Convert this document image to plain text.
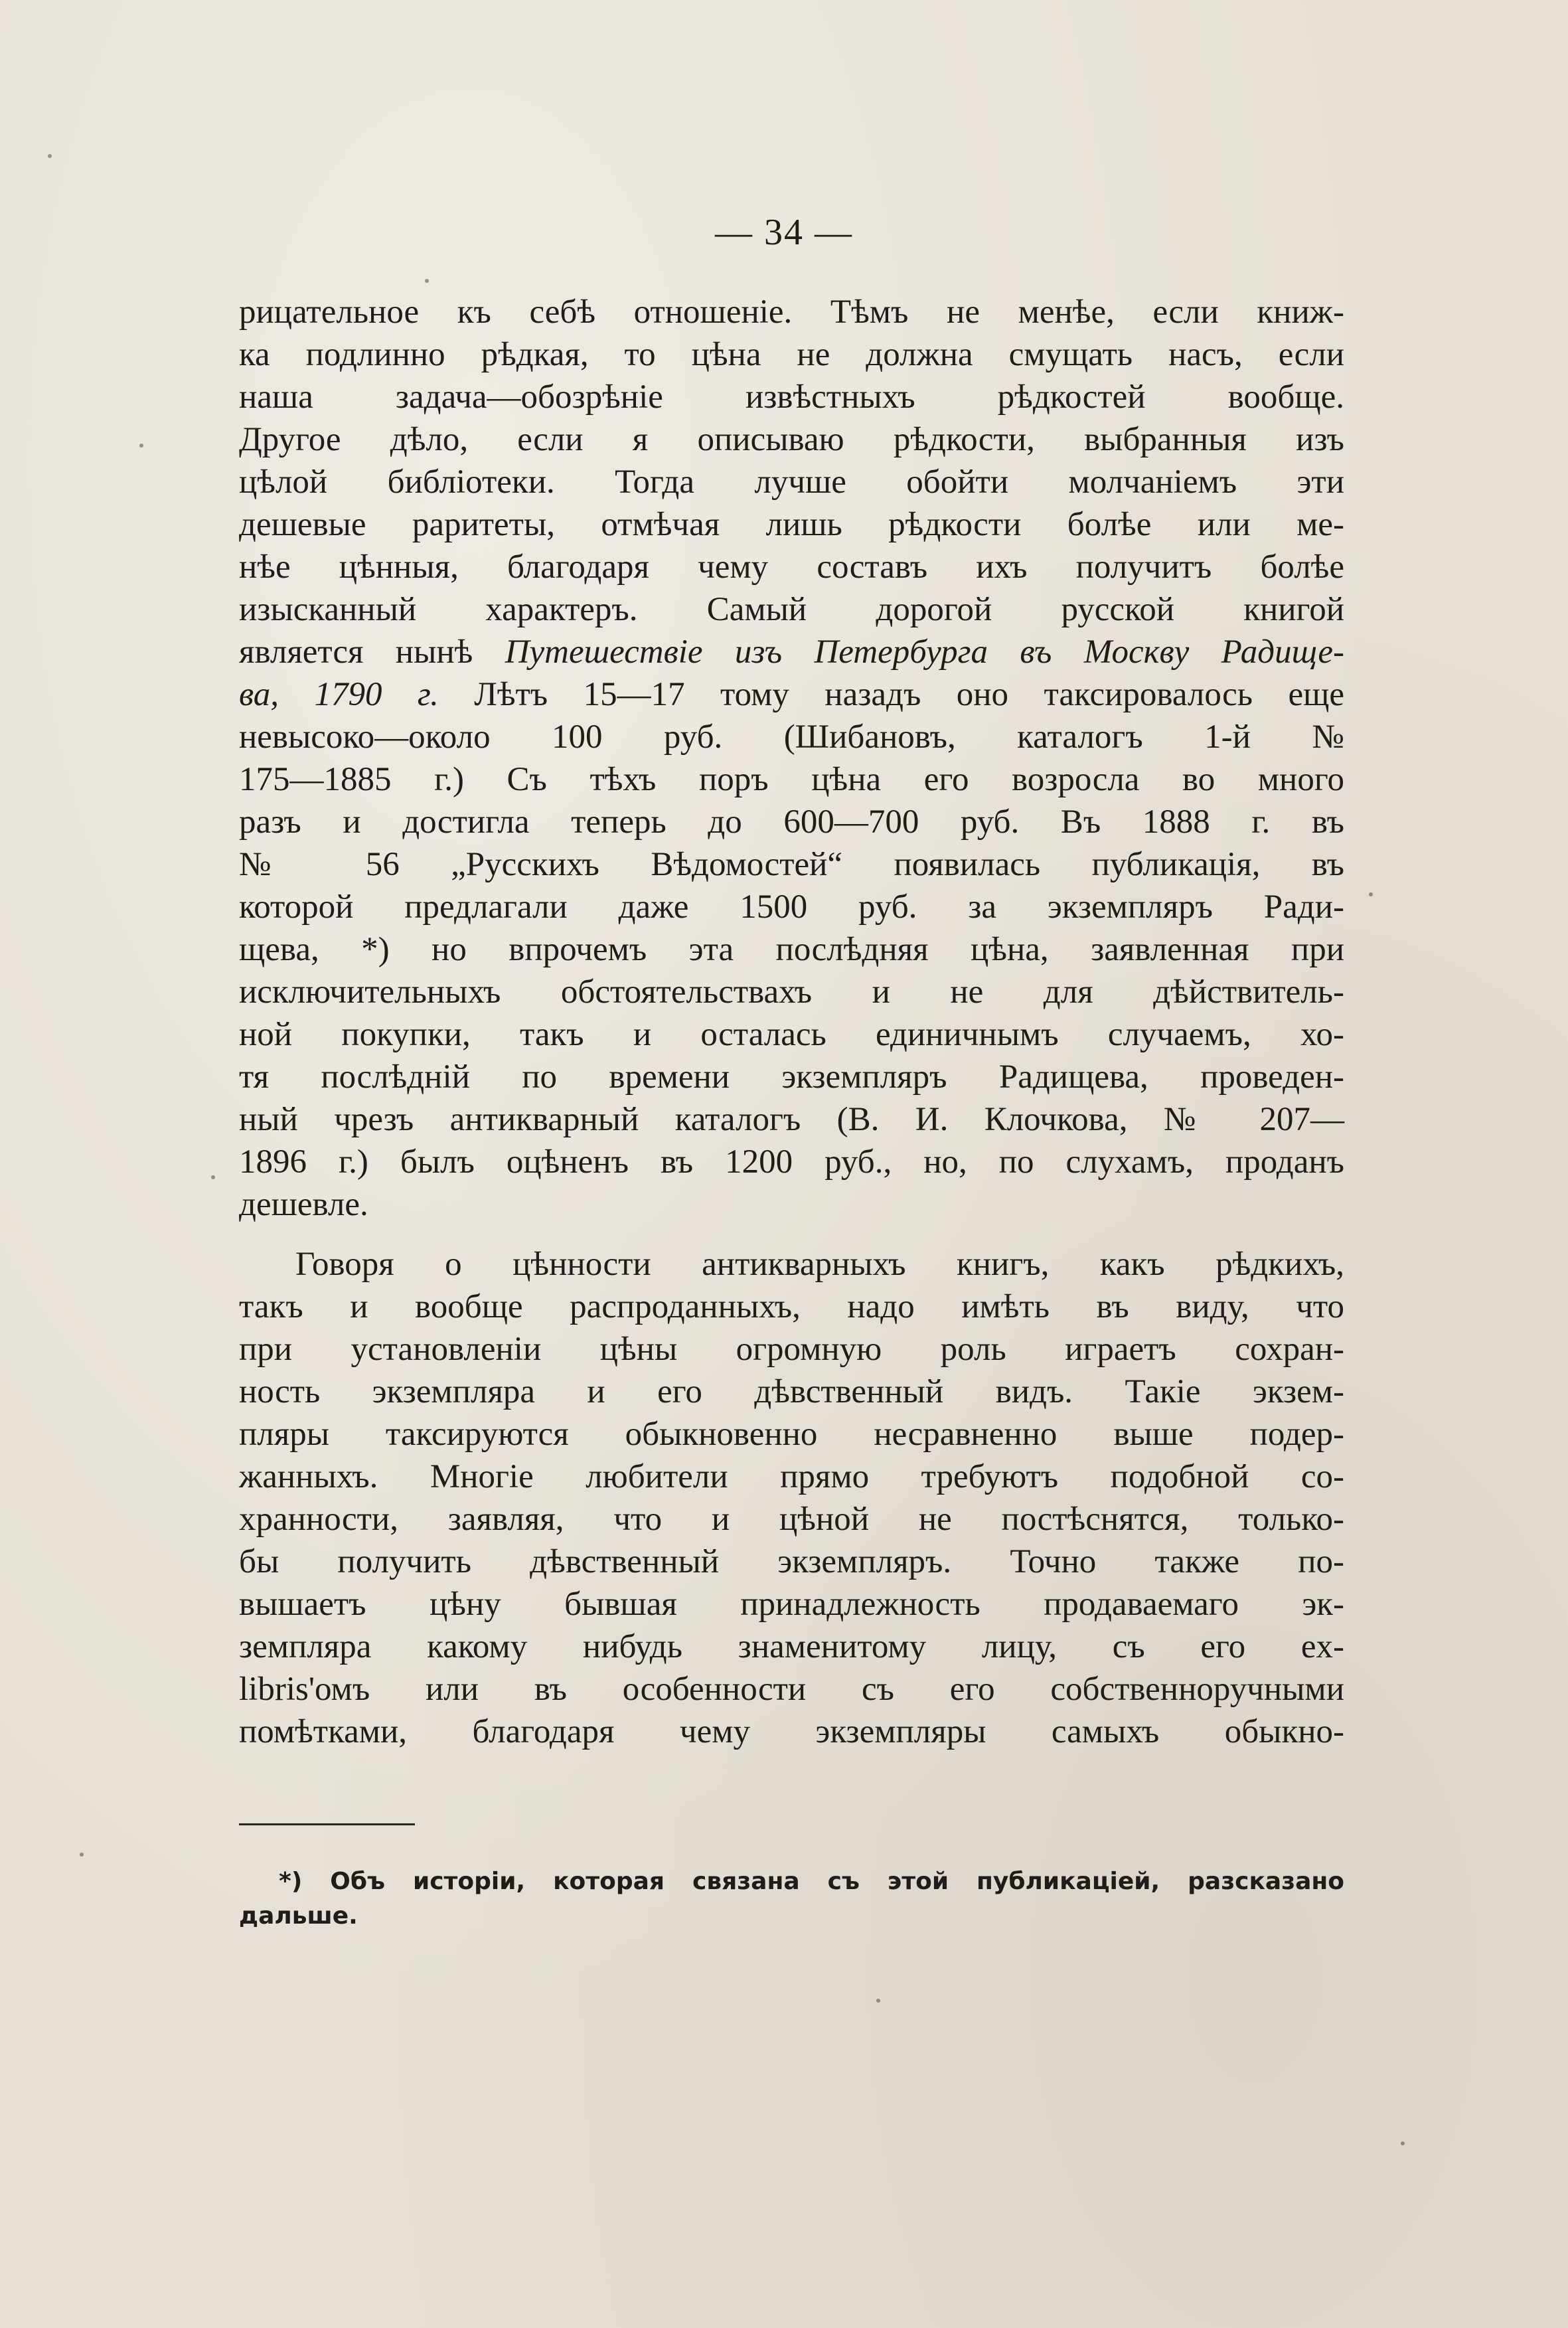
— 34 —
рицательное къ себѣ отношеніе. Тѣмъ не менѣе, если книж-
ка подлинно рѣдкая, то цѣна не должна смущать насъ, если
наша задача—обозрѣніе извѣстныхъ рѣдкостей вообще.
Другое дѣло, если я описываю рѣдкости, выбранныя изъ
цѣлой библіотеки. Тогда лучше обойти молчаніемъ эти
дешевые раритеты, отмѣчая лишь рѣдкости болѣе или ме-
нѣе цѣнныя, благодаря чему составъ ихъ получитъ болѣе
изысканный характеръ. Самый дорогой русской книгой
является нынѣ Путешествіе изъ Петербурга въ Москву Радище-
ва, 1790 г. Лѣтъ 15—17 тому назадъ оно таксировалось еще
невысоко—около 100 руб. (Шибановъ, каталогъ 1-й №
175—1885 г.) Съ тѣхъ поръ цѣна его возросла во много
разъ и достигла теперь до 600—700 руб. Въ 1888 г. въ
№ 56 „Русскихъ Вѣдомостей“ появилась публикація, въ
которой предлагали даже 1500 руб. за экземпляръ Ради-
щева, *) но впрочемъ эта послѣдняя цѣна, заявленная при
исключительныхъ обстоятельствахъ и не для дѣйствитель-
ной покупки, такъ и осталась единичнымъ случаемъ, хо-
тя послѣдній по времени экземпляръ Радищева, проведен-
ный чрезъ антикварный каталогъ (В. И. Клочкова, № 207—
1896 г.) былъ оцѣненъ въ 1200 руб., но, по слухамъ, проданъ
дешевле.
Говоря о цѣнности антикварныхъ книгъ, какъ рѣдкихъ,
такъ и вообще распроданныхъ, надо имѣть въ виду, что
при установленіи цѣны огромную роль играетъ сохран-
ность экземпляра и его дѣвственный видъ. Такіе экзем-
пляры таксируются обыкновенно несравненно выше подер-
жанныхъ. Многіе любители прямо требуютъ подобной со-
хранности, заявляя, что и цѣной не постѣснятся, только-
бы получить дѣвственный экземпляръ. Точно также по-
вышаетъ цѣну бывшая принадлежность продаваемаго эк-
земпляра какому нибудь знаменитому лицу, съ его ex-
libris'омъ или въ особенности съ его собственноручными
помѣтками, благодаря чему экземпляры самыхъ обыкно-
*) Объ исторіи, которая связана съ этой публикаціей, разсказано
дальше.
